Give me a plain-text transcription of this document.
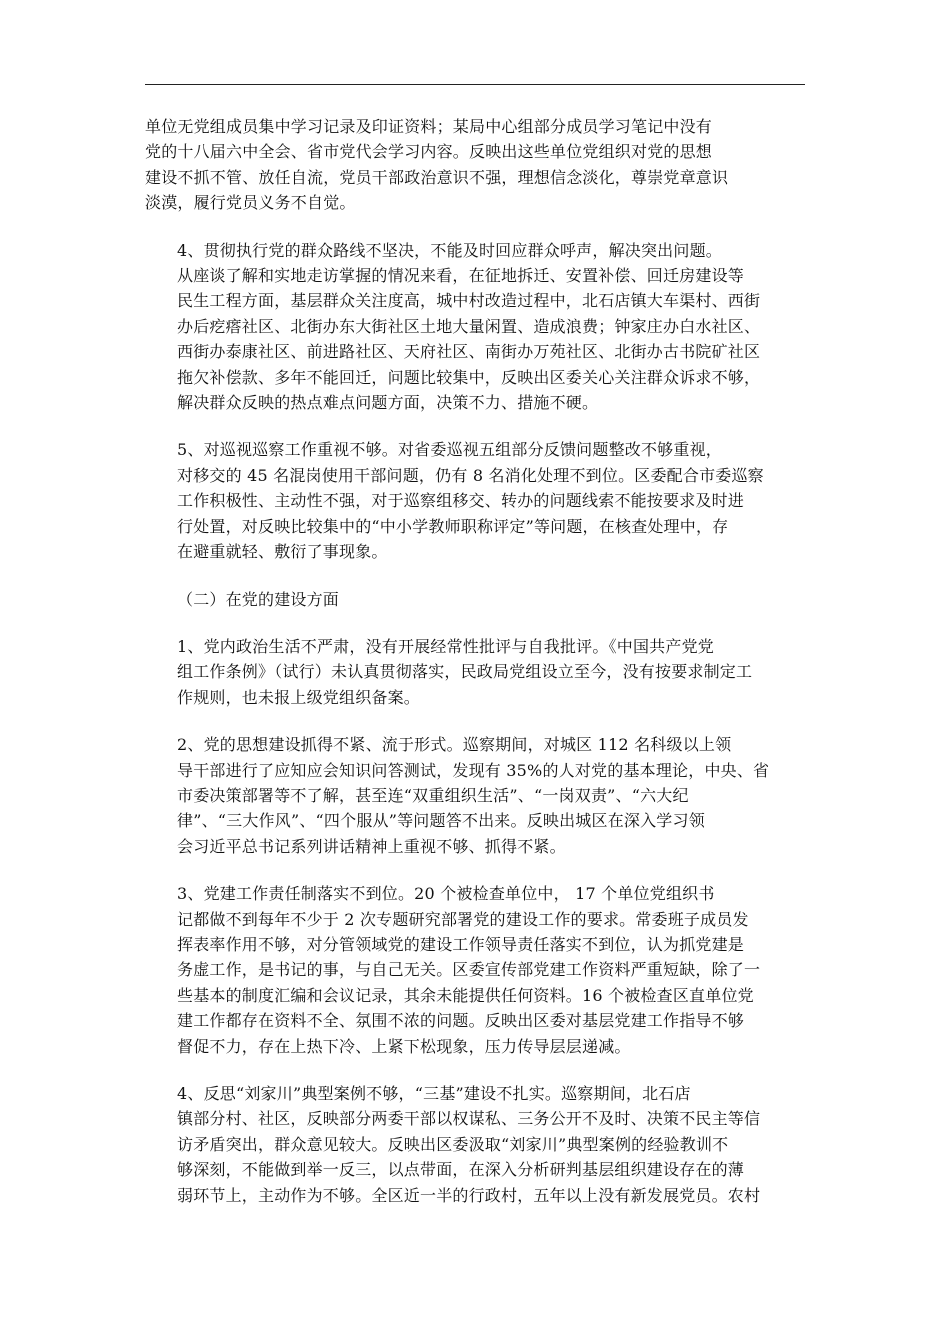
单位无党组成员集中学习记录及印证资料；某局中心组部分成员学习笔记中没有
党的十八届六中全会、省市党代会学习内容。反映出这些单位党组织对党的思想
建设不抓不管、放任自流，党员干部政治意识不强，理想信念淡化，尊崇党章意识
淡漠，履行党员义务不自觉。
4、贯彻执行党的群众路线不坚决，不能及时回应群众呼声，解决突出问题。
从座谈了解和实地走访掌握的情况来看，在征地拆迁、安置补偿、回迁房建设等
民生工程方面，基层群众关注度高，城中村改造过程中，北石店镇大车渠村、西街
办后疙瘩社区、北街办东大街社区土地大量闲置、造成浪费；钟家庄办白水社区、
西街办泰康社区、前进路社区、天府社区、南街办万苑社区、北街办古书院矿社区
拖欠补偿款、多年不能回迁，问题比较集中，反映出区委关心关注群众诉求不够，
解决群众反映的热点难点问题方面，决策不力、措施不硬。
5、对巡视巡察工作重视不够。对省委巡视五组部分反馈问题整改不够重视，
对移交的 45 名混岗使用干部问题，仍有 8 名消化处理不到位。区委配合市委巡察
工作积极性、主动性不强，对于巡察组移交、转办的问题线索不能按要求及时进
行处置，对反映比较集中的“中小学教师职称评定”等问题，在核查处理中，存
在避重就轻、敷衍了事现象。
（二）在党的建设方面
1、党内政治生活不严肃，没有开展经常性批评与自我批评。《中国共产党党
组工作条例》（试行）未认真贯彻落实，民政局党组设立至今，没有按要求制定工
作规则，也未报上级党组织备案。
2、党的思想建设抓得不紧、流于形式。巡察期间，对城区 112 名科级以上领
导干部进行了应知应会知识问答测试，发现有 35%的人对党的基本理论，中央、省
市委决策部署等不了解，甚至连“双重组织生活”、“一岗双责”、“六大纪
律”、“三大作风”、“四个服从”等问题答不出来。反映出城区在深入学习领
会习近平总书记系列讲话精神上重视不够、抓得不紧。
3、党建工作责任制落实不到位。20 个被检查单位中， 17 个单位党组织书
记都做不到每年不少于 2 次专题研究部署党的建设工作的要求。常委班子成员发
挥表率作用不够，对分管领域党的建设工作领导责任落实不到位，认为抓党建是
务虚工作，是书记的事，与自己无关。区委宣传部党建工作资料严重短缺，除了一
些基本的制度汇编和会议记录，其余未能提供任何资料。16 个被检查区直单位党
建工作都存在资料不全、氛围不浓的问题。反映出区委对基层党建工作指导不够
督促不力，存在上热下冷、上紧下松现象，压力传导层层递减。
4、反思“刘家川”典型案例不够，“三基”建设不扎实。巡察期间，北石店
镇部分村、社区，反映部分两委干部以权谋私、三务公开不及时、决策不民主等信
访矛盾突出，群众意见较大。反映出区委汲取“刘家川”典型案例的经验教训不
够深刻，不能做到举一反三，以点带面，在深入分析研判基层组织建设存在的薄
弱环节上，主动作为不够。全区近一半的行政村，五年以上没有新发展党员。农村
